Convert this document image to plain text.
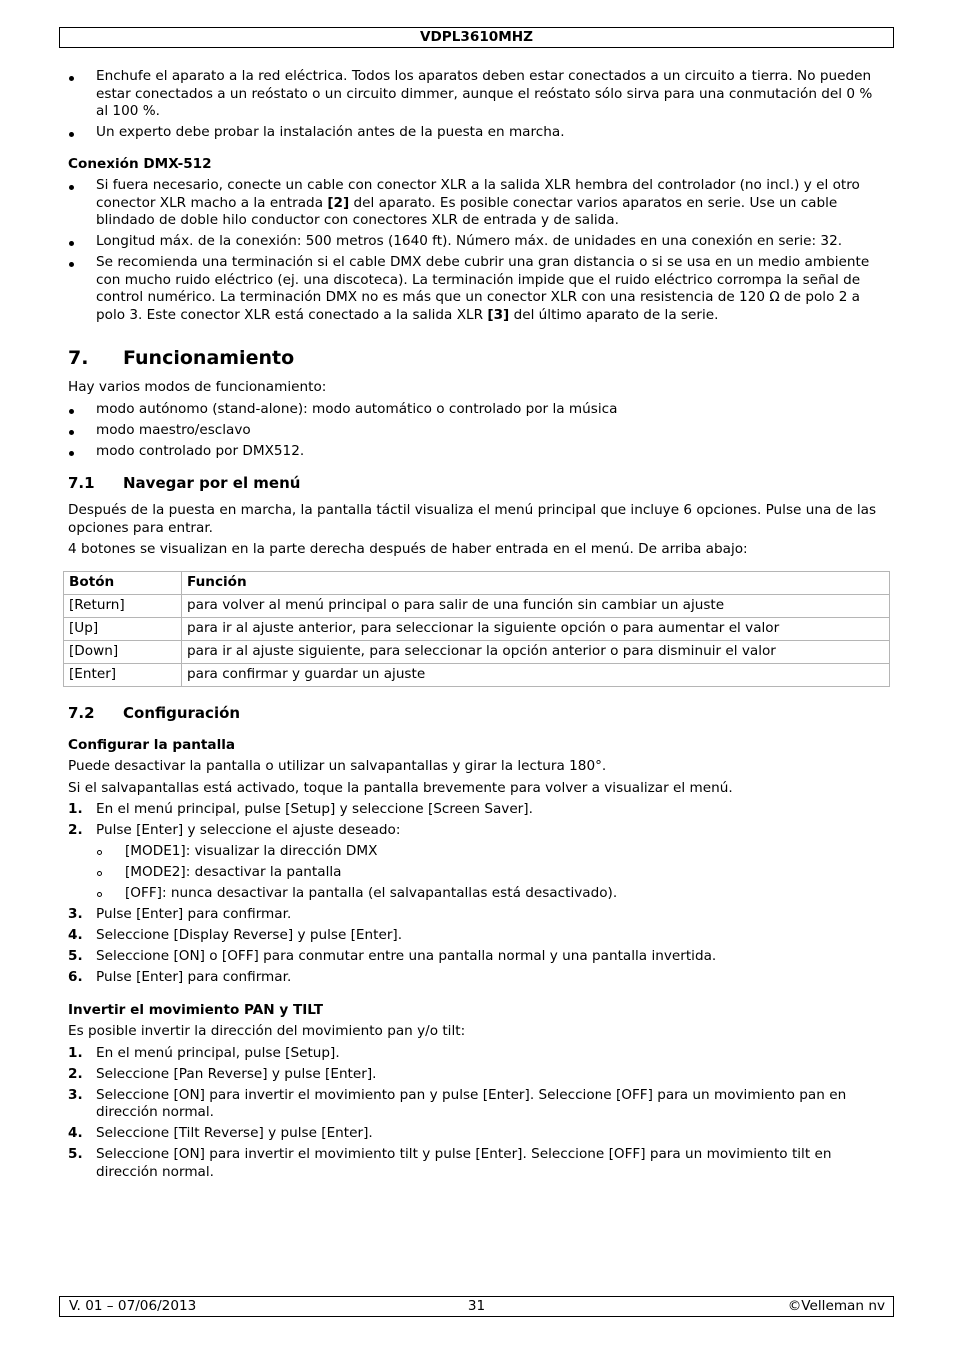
VDPL3610MHZ
Enchufe el aparato a la red eléctrica. Todos los aparatos deben estar conectados a un circuito a tierra. No pueden estar conectados a un reóstato o un circuito dimmer, aunque el reóstato sólo sirva para una conmutación del 0 % al 100 %.
Un experto debe probar la instalación antes de la puesta en marcha.
Conexión DMX-512
Si fuera necesario, conecte un cable con conector XLR a la salida XLR hembra del controlador (no incl.) y el otro conector XLR macho a la entrada [2] del aparato. Es posible conectar varios aparatos en serie. Use un cable blindado de doble hilo conductor con conectores XLR de entrada y de salida.
Longitud máx. de la conexión: 500 metros (1640 ft). Número máx. de unidades en una conexión en serie: 32.
Se recomienda una terminación si el cable DMX debe cubrir una gran distancia o si se usa en un medio ambiente con mucho ruido eléctrico (ej. una discoteca). La terminación impide que el ruido eléctrico corrompa la señal de control numérico. La terminación DMX no es más que un conector XLR con una resistencia de 120 Ω de polo 2 a polo 3. Este conector XLR está conectado a la salida XLR [3] del último aparato de la serie.
7. Funcionamiento

Hay varios modos de funcionamiento:

modo autónomo (stand-alone): modo automático o controlado por la música
modo maestro/esclavo
modo controlado por DMX512.
7.1 Navegar por el menú

Después de la puesta en marcha, la pantalla táctil visualiza el menú principal que incluye 6 opciones. Pulse una de las opciones para entrar.

4 botones se visualizan en la parte derecha después de haber entrada en el menú. De arriba abajo:

Botón	Función
[Return]	para volver al menú principal o para salir de una función sin cambiar un ajuste
[Up]	para ir al ajuste anterior, para seleccionar la siguiente opción o para aumentar el valor
[Down]	para ir al ajuste siguiente, para seleccionar la opción anterior o para disminuir el valor
[Enter]	para confirmar y guardar un ajuste
7.2 Configuración
Configurar la pantalla

Puede desactivar la pantalla o utilizar un salvapantallas y girar la lectura 180°.

Si el salvapantallas está activado, toque la pantalla brevemente para volver a visualizar el menú.

1. En el menú principal, pulse [Setup] y seleccione [Screen Saver].
2. Pulse [Enter] y seleccione el ajuste deseado:
[MODE1]: visualizar la dirección DMX
[MODE2]: desactivar la pantalla
[OFF]: nunca desactivar la pantalla (el salvapantallas está desactivado).
3. Pulse [Enter] para confirmar.
4. Seleccione [Display Reverse] y pulse [Enter].
5. Seleccione [ON] o [OFF] para conmutar entre una pantalla normal y una pantalla invertida.
6. Pulse [Enter] para confirmar.
Invertir el movimiento PAN y TILT

Es posible invertir la dirección del movimiento pan y/o tilt:

1. En el menú principal, pulse [Setup].
2. Seleccione [Pan Reverse] y pulse [Enter].
3. Seleccione [ON] para invertir el movimiento pan y pulse [Enter]. Seleccione [OFF] para un movimiento pan en dirección normal.
4. Seleccione [Tilt Reverse] y pulse [Enter].
5. Seleccione [ON] para invertir el movimiento tilt y pulse [Enter]. Seleccione [OFF] para un movimiento tilt en dirección normal.
V. 01 – 07/06/2013	31	©Velleman nv
